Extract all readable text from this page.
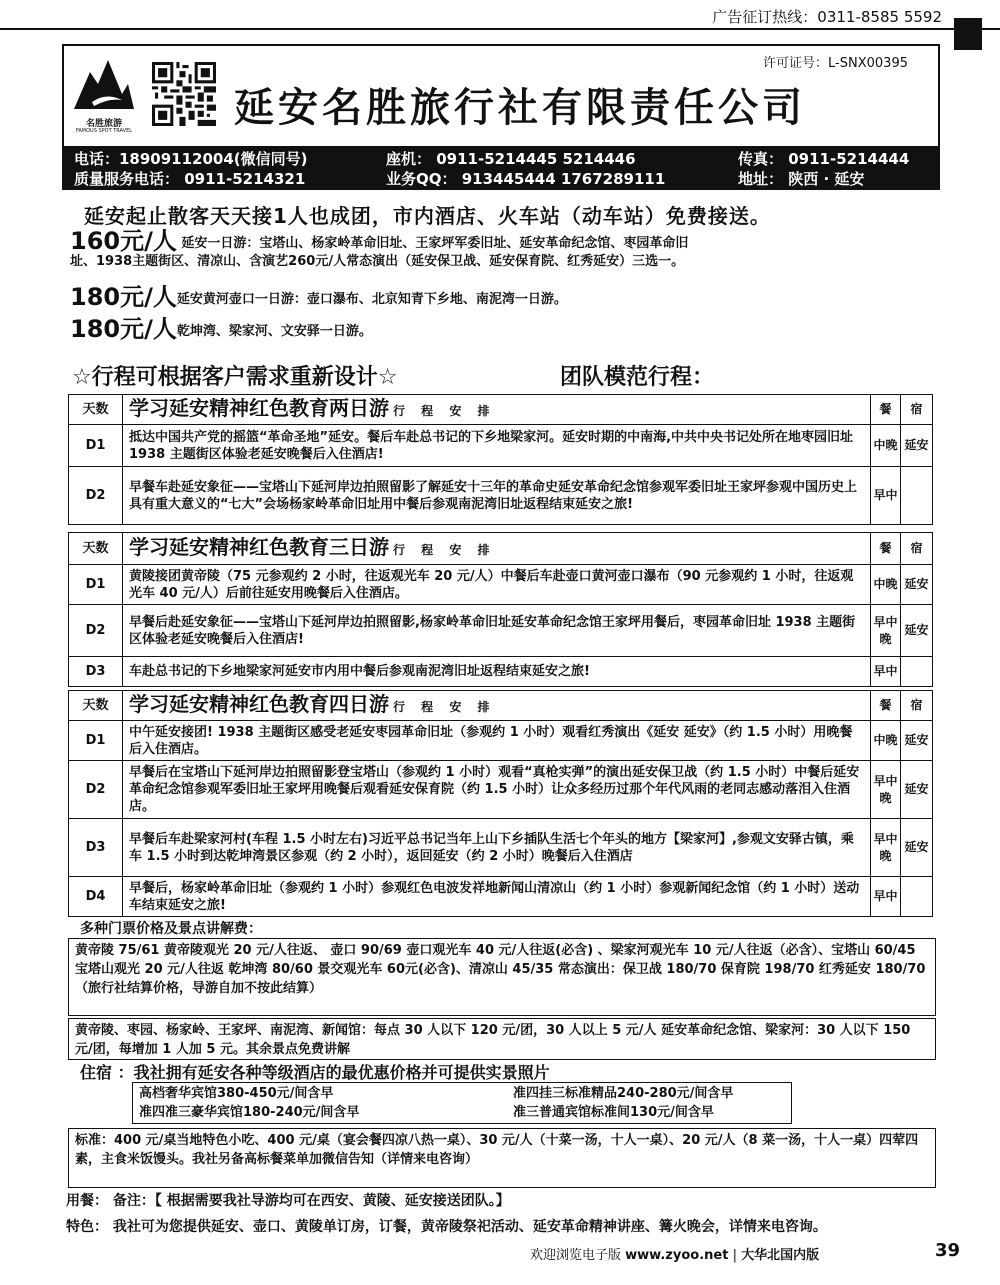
广告征订热线：0311-8585 5592
名胜旅游
FAMOUS SPOT TRAVEL
许可证号：L-SNX00395
延安名胜旅行社有限责任公司
电话：18909112004(微信同号)	座机： 0911-5214445 5214446	传真： 0911-5214444
质量服务电话： 0911-5214321	业务QQ： 913445444 1767289111	地址： 陕西 · 延安
延安起止散客天天接1人也成团，市内酒店、火车站（动车站）免费接送。
160元/人 延安一日游：宝塔山、杨家岭革命旧址、王家坪军委旧址、延安革命纪念馆、枣园革命旧
址、1938主题街区、清凉山、含演艺260元/人常态演出（延安保卫战、延安保育院、红秀延安）三选一。
180元/人延安黄河壶口一日游：壶口瀑布、北京知青下乡地、南泥湾一日游。
180元/人乾坤湾、梁家河、文安驿一日游。
☆行程可根据客户需求重新设计☆	团队模范行程：
天数	学习延安精神红色教育两日游 行 程 安 排	餐	宿
D1	抵达中国共产党的摇篮“革命圣地”延安。餐后车赴总书记的下乡地梁家河。延安时期的中南海,中共中央书记处所在地枣园旧址 1938 主题街区体验老延安晚餐后入住酒店!	中晚	延安
D2	早餐车赴延安象征——宝塔山下延河岸边拍照留影了解延安十三年的革命史延安革命纪念馆参观军委旧址王家坪参观中国历史上具有重大意义的“七大”会场杨家岭革命旧址用中餐后参观南泥湾旧址返程结束延安之旅!	早中	
天数	学习延安精神红色教育三日游 行 程 安 排	餐	宿
D1	黄陵接团黄帝陵（75 元参观约 2 小时，往返观光车 20 元/人）中餐后车赴壶口黄河壶口瀑布（90 元参观约 1 小时，往返观光车 40 元/人）后前往延安用晚餐后入住酒店。	中晚	延安
D2	早餐后赴延安象征——宝塔山下延河岸边拍照留影,杨家岭革命旧址延安革命纪念馆王家坪用餐后，枣园革命旧址 1938 主题街区体验老延安晚餐后入住酒店!	早中晚	延安
D3	车赴总书记的下乡地梁家河延安市内用中餐后参观南泥湾旧址返程结束延安之旅!	早中	
天数	学习延安精神红色教育四日游 行 程 安 排	餐	宿
D1	中午延安接团! 1938 主题街区感受老延安枣园革命旧址（参观约 1 小时）观看红秀演出《延安 延安》（约 1.5 小时）用晚餐后入住酒店。	中晚	延安
D2	早餐后在宝塔山下延河岸边拍照留影登宝塔山（参观约 1 小时）观看“真枪实弹”的演出延安保卫战（约 1.5 小时）中餐后延安革命纪念馆参观军委旧址王家坪用晚餐后观看延安保育院（约 1.5 小时）让众多经历过那个年代风雨的老同志感动落泪入住酒店。	早中晚	延安
D3	早餐后车赴梁家河村(车程 1.5 小时左右)习近平总书记当年上山下乡插队生活七个年头的地方【梁家河】,参观文安驿古镇，乘车 1.5 小时到达乾坤湾景区参观（约 2 小时），返回延安（约 2 小时）晚餐后入住酒店	早中晚	延安
D4	早餐后，杨家岭革命旧址（参观约 1 小时）参观红色电波发祥地新闻山清凉山（约 1 小时）参观新闻纪念馆（约 1 小时）送动车结束延安之旅!	早中	
多种门票价格及景点讲解费：
黄帝陵 75/61 黄帝陵观光 20 元/人往返、 壶口 90/69 壶口观光车 40 元/人往返(必含) 、梁家河观光车 10 元/人往返（必含）、宝塔山 60/45 宝塔山观光 20 元/人往返 乾坤湾 80/60 景交观光车 60元(必含)、清凉山 45/35 常态演出：保卫战 180/70 保育院 198/70 红秀延安 180/70（旅行社结算价格，导游自加不按此结算）
黄帝陵、枣园、杨家岭、王家坪、南泥湾、新闻馆：每点 30 人以下 120 元/团，30 人以上 5 元/人 延安革命纪念馆、梁家河：30 人以下 150 元/团，每增加 1 人加 5 元。其余景点免费讲解
住宿 ：我社拥有延安各种等级酒店的最优惠价格并可提供实景照片
高档奢华宾馆380-450元/间含早	准四挂三标准精品240-280元/间含早
准四准三豪华宾馆180-240元/间含早	准三普通宾馆标准间130元/间含早
标准：400 元/桌当地特色小吃、400 元/桌（宴会餐四凉八热一桌）、30 元/人（十菜一汤，十人一桌）、20 元/人（8 菜一汤，十人一桌）四荤四素，主食米饭馒头。我社另备高标餐菜单加微信告知（详情来电咨询）
用餐： 备注：【 根据需要我社导游均可在西安、黄陵、延安接送团队。】
特色： 我社可为您提供延安、壶口、黄陵单订房，订餐，黄帝陵祭祀活动、延安革命精神讲座、篝火晚会，详情来电咨询。
欢迎浏览电子版 www.zyoo.net | 大华北国内版	39
